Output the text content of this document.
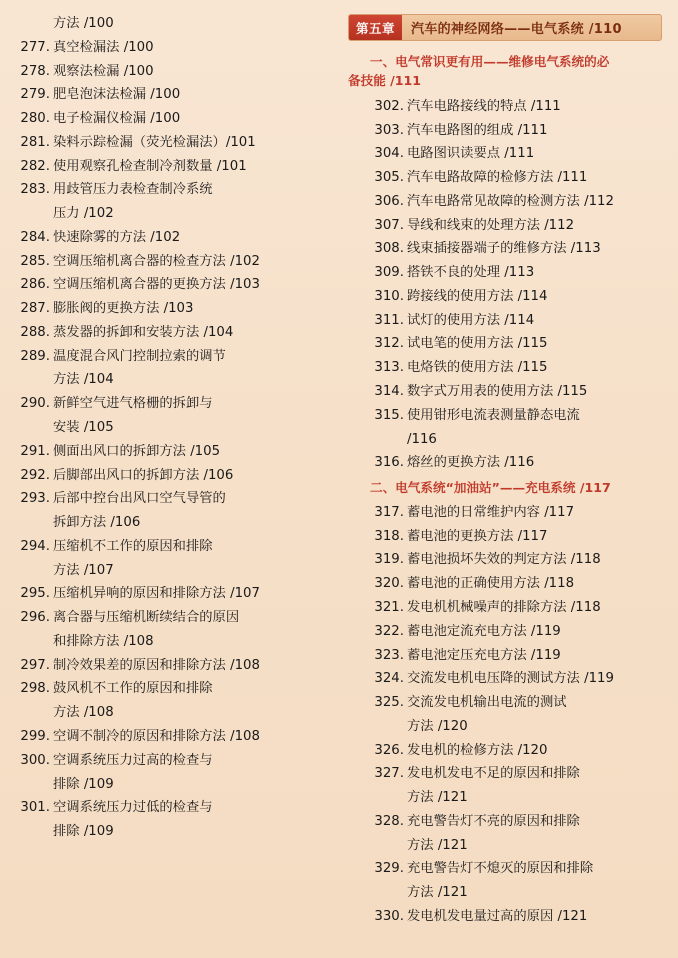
方法 /100
277. 真空检漏法 /100
278. 观察法检漏 /100
279. 肥皂泡沫法检漏 /100
280. 电子检漏仪检漏 /100
281. 染料示踪检漏（荧光检漏法）/101
282. 使用观察孔检查制冷剂数量 /101
283. 用歧管压力表检查制冷系统
压力 /102
284. 快速除雾的方法 /102
285. 空调压缩机离合器的检查方法 /102
286. 空调压缩机离合器的更换方法 /103
287. 膨胀阀的更换方法 /103
288. 蒸发器的拆卸和安装方法 /104
289. 温度混合风门控制拉索的调节
方法 /104
290. 新鲜空气进气格栅的拆卸与
安装 /105
291. 侧面出风口的拆卸方法 /105
292. 后脚部出风口的拆卸方法 /106
293. 后部中控台出风口空气导管的
拆卸方法 /106
294. 压缩机不工作的原因和排除
方法 /107
295. 压缩机异响的原因和排除方法 /107
296. 离合器与压缩机断续结合的原因
和排除方法 /108
297. 制冷效果差的原因和排除方法 /108
298. 鼓风机不工作的原因和排除
方法 /108
299. 空调不制冷的原因和排除方法 /108
300. 空调系统压力过高的检查与
排除 /109
301. 空调系统压力过低的检查与
排除 /109
第五章	汽车的神经网络——电气系统 /110
一、电气常识更有用——维修电气系统的必
备技能 /111
302. 汽车电路接线的特点 /111
303. 汽车电路图的组成 /111
304. 电路图识读要点 /111
305. 汽车电路故障的检修方法 /111
306. 汽车电路常见故障的检测方法 /112
307. 导线和线束的处理方法 /112
308. 线束插接器端子的维修方法 /113
309. 搭铁不良的处理 /113
310. 跨接线的使用方法 /114
311. 试灯的使用方法 /114
312. 试电笔的使用方法 /115
313. 电烙铁的使用方法 /115
314. 数字式万用表的使用方法 /115
315. 使用钳形电流表测量静态电流
/116
316. 熔丝的更换方法 /116
二、电气系统“加油站”——充电系统 /117
317. 蓄电池的日常维护内容 /117
318. 蓄电池的更换方法 /117
319. 蓄电池损坏失效的判定方法 /118
320. 蓄电池的正确使用方法 /118
321. 发电机机械噪声的排除方法 /118
322. 蓄电池定流充电方法 /119
323. 蓄电池定压充电方法 /119
324. 交流发电机电压降的测试方法 /119
325. 交流发电机输出电流的测试
方法 /120
326. 发电机的检修方法 /120
327. 发电机发电不足的原因和排除
方法 /121
328. 充电警告灯不亮的原因和排除
方法 /121
329. 充电警告灯不熄灭的原因和排除
方法 /121
330. 发电机发电量过高的原因 /121
